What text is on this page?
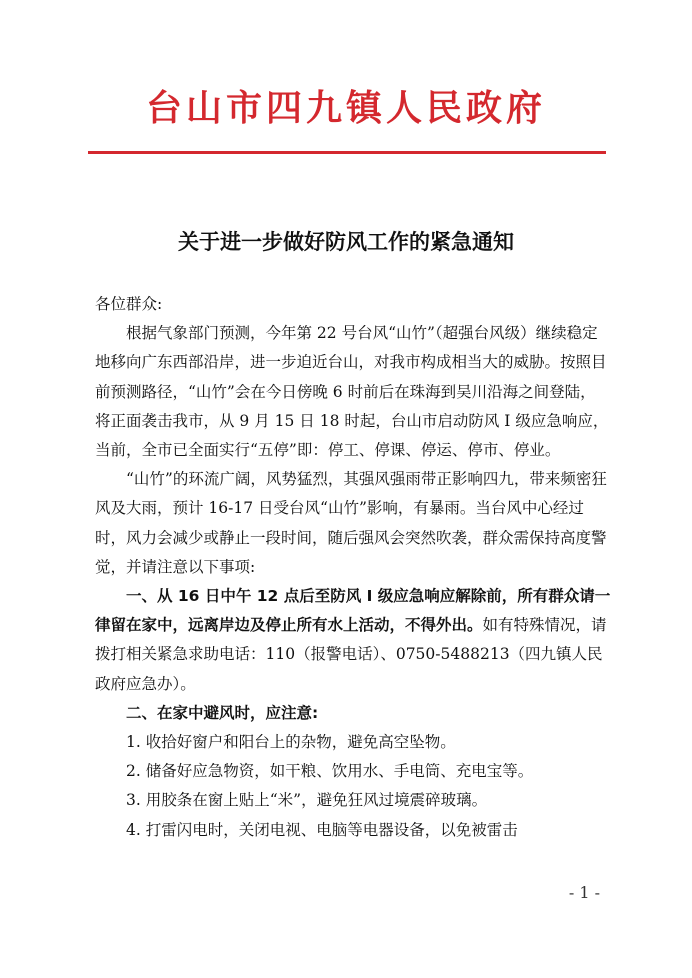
台山市四九镇人民政府
关于进一步做好防风工作的紧急通知

各位群众:

根据气象部门预测，今年第 22 号台风“山竹”（超强台风级）继续稳定地移向广东西部沿岸，进一步迫近台山，对我市构成相当大的威胁。按照目前预测路径，“山竹”会在今日傍晚 6 时前后在珠海到吴川沿海之间登陆，将正面袭击我市，从 9 月 15 日 18 时起，台山市启动防风 I 级应急响应，当前，全市已全面实行“五停”即：停工、停课、停运、停市、停业。

“山竹”的环流广阔，风势猛烈，其强风强雨带正影响四九，带来频密狂风及大雨，预计 16-17 日受台风“山竹”影响，有暴雨。当台风中心经过时，风力会减少或静止一段时间，随后强风会突然吹袭，群众需保持高度警觉，并请注意以下事项:

一、从 16 日中午 12 点后至防风 I 级应急响应解除前，所有群众请一律留在家中，远离岸边及停止所有水上活动，不得外出。如有特殊情况，请拨打相关紧急求助电话：110（报警电话）、0750-5488213（四九镇人民政府应急办）。

二、在家中避风时，应注意:

1. 收拾好窗户和阳台上的杂物，避免高空坠物。

2. 储备好应急物资，如干粮、饮用水、手电筒、充电宝等。

3. 用胶条在窗上贴上“米”，避免狂风过境震碎玻璃。

4. 打雷闪电时，关闭电视、电脑等电器设备，以免被雷击

- 1 -
